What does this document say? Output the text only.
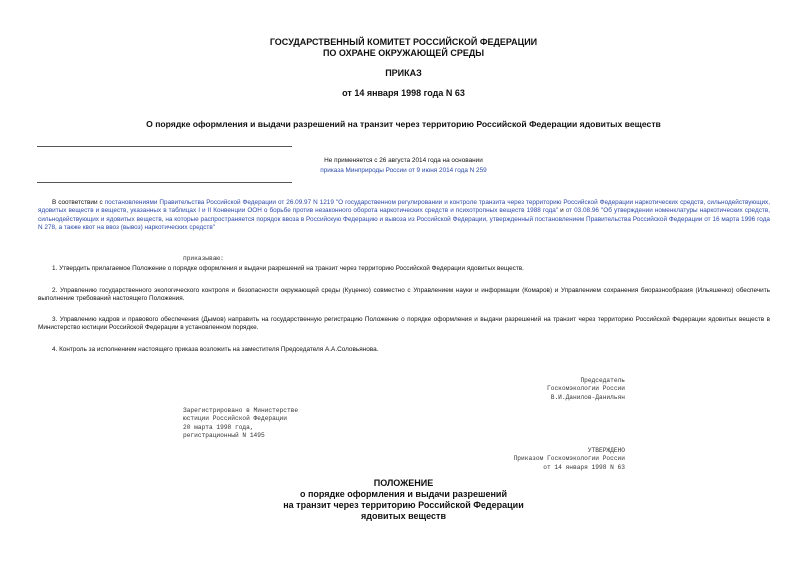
ГОСУДАРСТВЕННЫЙ КОМИТЕТ РОССИЙСКОЙ ФЕДЕРАЦИИ
ПО ОХРАНЕ ОКРУЖАЮЩЕЙ СРЕДЫ
ПРИКАЗ
от 14 января 1998 года N 63
О порядке оформления и выдачи разрешений на транзит через территорию Российской Федерации ядовитых веществ
Не применяется с 26 августа 2014 года на основании
приказа Минприроды России от 9 июня 2014 года N 259
В соответствии с постановлениями Правительства Российской Федерации от 26.09.97 N 1219 "О государственном регулировании и контроле транзита через территорию Российской Федерации наркотических средств, сильнодействующих, ядовитых веществ и веществ, указанных в таблицах I и II Конвенции ООН о борьбе против незаконного оборота наркотических средств и психотропных веществ 1988 года" и от 03.08.96 "Об утверждении номенклатуры наркотических средств, сильнодействующих и ядовитых веществ, на которые распространяется порядок ввоза в Российскую Федерацию и вывоза из Российской Федерации, утвержденный постановлением Правительства Российской Федерации от 16 марта 1996 года N 278, а также квот на ввоз (вывоз) наркотических средств"
приказываю:
1. Утвердить прилагаемое Положение о порядке оформления и выдачи разрешений на транзит через территорию Российской Федерации ядовитых веществ.
2. Управлению государственного экологического контроля и безопасности окружающей среды (Куценко) совместно с Управлением науки и информации (Комаров) и Управлением сохранения биоразнообразия (Ильяшенко) обеспечить выполнение требований настоящего Положения.
3. Управлению кадров и правового обеспечения (Дымов) направить на государственную регистрацию Положение о порядке оформления и выдачи разрешений на транзит через территорию Российской Федерации ядовитых веществ в Министерство юстиции Российской Федерации в установленном порядке.
4. Контроль за исполнением настоящего приказа возложить на заместителя Председателя А.А.Соловьянова.
Председатель
Госкомэкологии России
В.И.Данилов-Данильян
Зарегистрировано в Министерстве
юстиции Российской Федерации
20 марта 1998 года,
регистрационный N 1495
УТВЕРЖДЕНО
Приказом Госкомэкологии России
от 14 января 1998 N 63
ПОЛОЖЕНИЕ
о порядке оформления и выдачи разрешений
на транзит через территорию Российской Федерации
ядовитых веществ
